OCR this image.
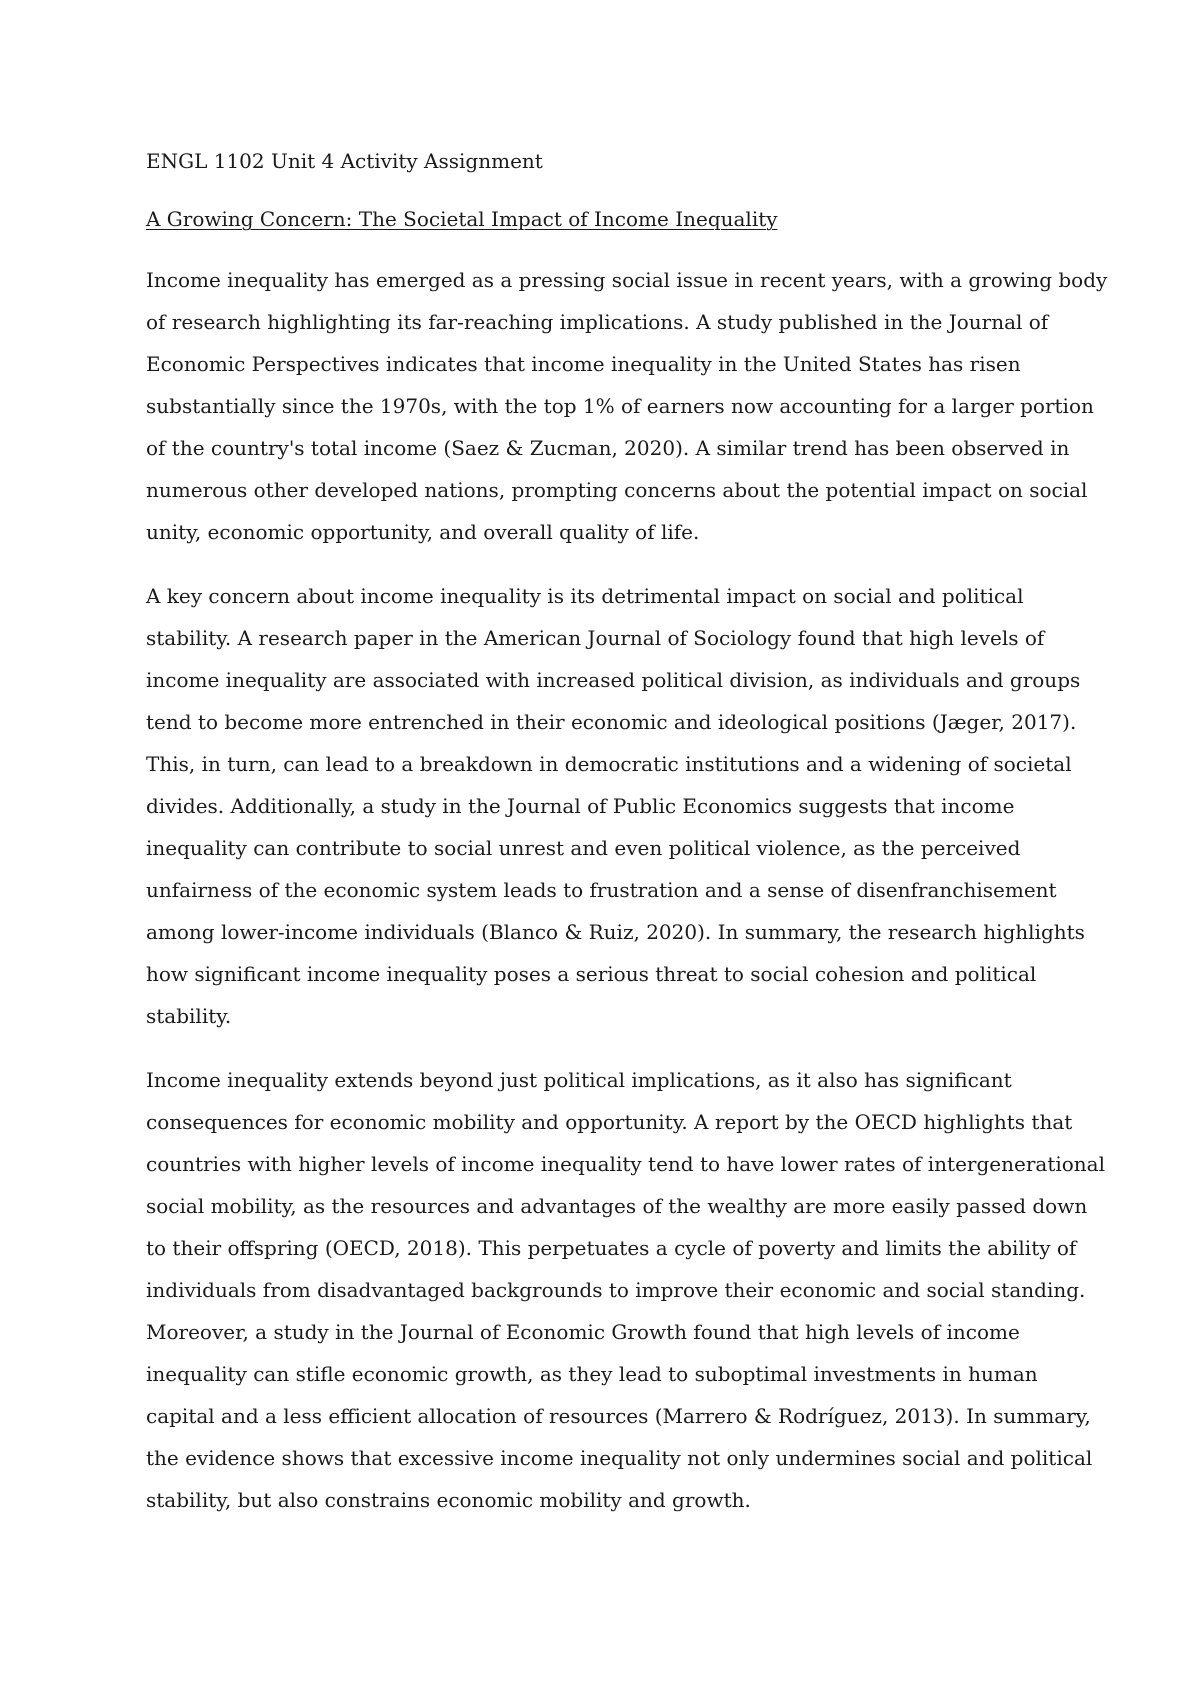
ENGL 1102 Unit 4 Activity Assignment
A Growing Concern: The Societal Impact of Income Inequality
Income inequality has emerged as a pressing social issue in recent years, with a growing body
of research highlighting its far-reaching implications. A study published in the Journal of
Economic Perspectives indicates that income inequality in the United States has risen
substantially since the 1970s, with the top 1% of earners now accounting for a larger portion
of the country's total income (Saez & Zucman, 2020). A similar trend has been observed in
numerous other developed nations, prompting concerns about the potential impact on social
unity, economic opportunity, and overall quality of life.
A key concern about income inequality is its detrimental impact on social and political
stability. A research paper in the American Journal of Sociology found that high levels of
income inequality are associated with increased political division, as individuals and groups
tend to become more entrenched in their economic and ideological positions (Jæger, 2017).
This, in turn, can lead to a breakdown in democratic institutions and a widening of societal
divides. Additionally, a study in the Journal of Public Economics suggests that income
inequality can contribute to social unrest and even political violence, as the perceived
unfairness of the economic system leads to frustration and a sense of disenfranchisement
among lower-income individuals (Blanco & Ruiz, 2020). In summary, the research highlights
how significant income inequality poses a serious threat to social cohesion and political
stability.
Income inequality extends beyond just political implications, as it also has significant
consequences for economic mobility and opportunity. A report by the OECD highlights that
countries with higher levels of income inequality tend to have lower rates of intergenerational
social mobility, as the resources and advantages of the wealthy are more easily passed down
to their offspring (OECD, 2018). This perpetuates a cycle of poverty and limits the ability of
individuals from disadvantaged backgrounds to improve their economic and social standing.
Moreover, a study in the Journal of Economic Growth found that high levels of income
inequality can stifle economic growth, as they lead to suboptimal investments in human
capital and a less efficient allocation of resources (Marrero & Rodríguez, 2013). In summary,
the evidence shows that excessive income inequality not only undermines social and political
stability, but also constrains economic mobility and growth.
